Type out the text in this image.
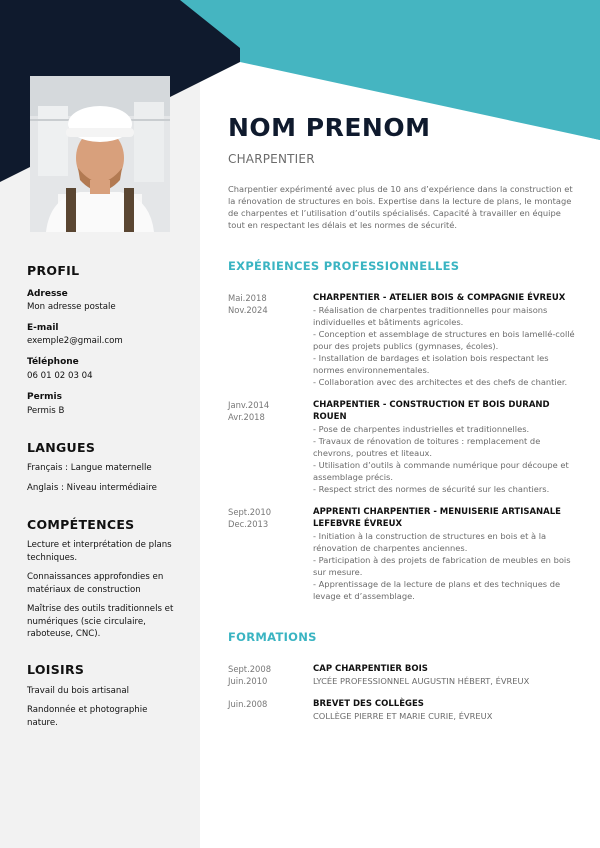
PROFIL
Adresse
Mon adresse postale
E-mail
exemple2@gmail.com
Téléphone
06 01 02 03 04
Permis
Permis B
LANGUES
Français : Langue maternelle
Anglais : Niveau intermédiaire
COMPÉTENCES
Lecture et interprétation de plans techniques.
Connaissances approfondies en matériaux de construction
Maîtrise des outils traditionnels et numériques (scie circulaire, raboteuse, CNC).
LOISIRS
Travail du bois artisanal
Randonnée et photographie nature.
NOM PRENOM
CHARPENTIER
Charpentier expérimenté avec plus de 10 ans d’expérience dans la construction et la rénovation de structures en bois. Expertise dans la lecture de plans, le montage de charpentes et l’utilisation d’outils spécialisés. Capacité à travailler en équipe tout en respectant les délais et les normes de sécurité.
EXPÉRIENCES PROFESSIONNELLES
Mai.2018
Nov.2024
CHARPENTIER - ATELIER BOIS & COMPAGNIE ÉVREUX
- Réalisation de charpentes traditionnelles pour maisons individuelles et bâtiments agricoles.
- Conception et assemblage de structures en bois lamellé-collé pour des projets publics (gymnases, écoles).
- Installation de bardages et isolation bois respectant les normes environnementales.
- Collaboration avec des architectes et des chefs de chantier.
Janv.2014
Avr.2018
CHARPENTIER - CONSTRUCTION ET BOIS DURAND ROUEN
- Pose de charpentes industrielles et traditionnelles.
- Travaux de rénovation de toitures : remplacement de chevrons, poutres et liteaux.
- Utilisation d’outils à commande numérique pour découpe et assemblage précis.
- Respect strict des normes de sécurité sur les chantiers.
Sept.2010
Dec.2013
APPRENTI CHARPENTIER - MENUISERIE ARTISANALE LEFEBVRE ÉVREUX
- Initiation à la construction de structures en bois et à la rénovation de charpentes anciennes.
- Participation à des projets de fabrication de meubles en bois sur mesure.
- Apprentissage de la lecture de plans et des techniques de levage et d’assemblage.
FORMATIONS
Sept.2008
Juin.2010
CAP CHARPENTIER BOIS
LYCÉE PROFESSIONNEL AUGUSTIN HÉBERT, ÉVREUX
Juin.2008	BREVET DES COLLÈGES
COLLÈGE PIERRE ET MARIE CURIE, ÉVREUX
